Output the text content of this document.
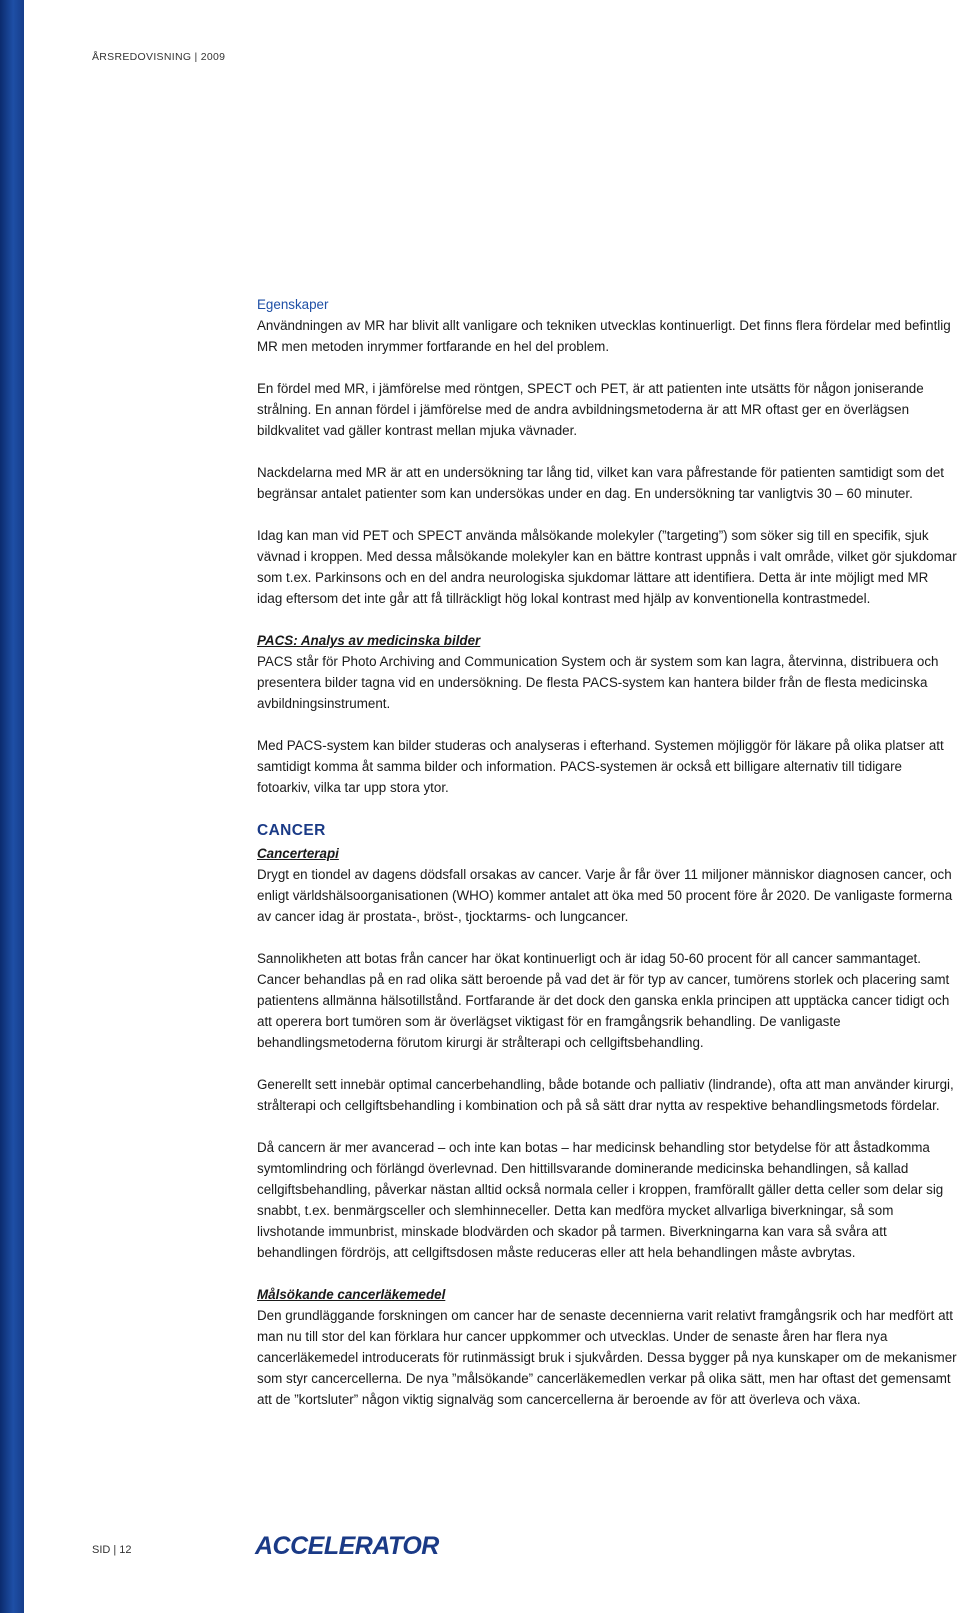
ÅRSREDOVISNING | 2009

Egenskaper

Användningen av MR har blivit allt vanligare och tekniken utvecklas kontinuerligt. Det finns flera fördelar med befintlig MR men metoden inrymmer fortfarande en hel del problem.

En fördel med MR, i jämförelse med röntgen, SPECT och PET, är att patienten inte utsätts för någon joniserande strålning. En annan fördel i jämförelse med de andra avbildningsmetoderna är att MR oftast ger en överlägsen bildkvalitet vad gäller kontrast mellan mjuka vävnader.

Nackdelarna med MR är att en undersökning tar lång tid, vilket kan vara påfrestande för patienten samtidigt som det begränsar antalet patienter som kan undersökas under en dag. En undersökning tar vanligtvis 30 – 60 minuter.

Idag kan man vid PET och SPECT använda målsökande molekyler (”targeting”) som söker sig till en specifik, sjuk vävnad i kroppen. Med dessa målsökande molekyler kan en bättre kontrast uppnås i valt område, vilket gör sjukdomar som t.ex. Parkinsons och en del andra neurologiska sjukdomar lättare att identifiera. Detta är inte möjligt med MR idag eftersom det inte går att få tillräckligt hög lokal kontrast med hjälp av konventionella kontrastmedel.

PACS: Analys av medicinska bilder

PACS står för Photo Archiving and Communication System och är system som kan lagra, återvinna, distribuera och presentera bilder tagna vid en undersökning. De flesta PACS-system kan hantera bilder från de flesta medicinska avbildningsinstrument.

Med PACS-system kan bilder studeras och analyseras i efterhand. Systemen möjliggör för läkare på olika platser att samtidigt komma åt samma bilder och information. PACS-systemen är också ett billigare alternativ till tidigare fotoarkiv, vilka tar upp stora ytor.

CANCER

Cancerterapi

Drygt en tiondel av dagens dödsfall orsakas av cancer. Varje år får över 11 miljoner människor diagnosen cancer, och enligt världshälsoorganisationen (WHO) kommer antalet att öka med 50 procent före år 2020. De vanligaste formerna av cancer idag är prostata-, bröst-, tjocktarms- och lungcancer.

Sannolikheten att botas från cancer har ökat kontinuerligt och är idag 50-60 procent för all cancer sammantaget. Cancer behandlas på en rad olika sätt beroende på vad det är för typ av cancer, tumörens storlek och placering samt patientens allmänna hälsotillstånd. Fortfarande är det dock den ganska enkla principen att upptäcka cancer tidigt och att operera bort tumören som är överlägset viktigast för en framgångsrik behandling. De vanligaste behandlingsmetoderna förutom kirurgi är strålterapi och cellgiftsbehandling.

Generellt sett innebär optimal cancerbehandling, både botande och palliativ (lindrande), ofta att man använder kirurgi, strålterapi och cellgiftsbehandling i kombination och på så sätt drar nytta av respektive behandlingsmetods fördelar.

Då cancern är mer avancerad – och inte kan botas – har medicinsk behandling stor betydelse för att åstadkomma symtomlindring och förlängd överlevnad. Den hittillsvarande dominerande medicinska behandlingen, så kallad cellgiftsbehandling, påverkar nästan alltid också normala celler i kroppen, framförallt gäller detta celler som delar sig snabbt, t.ex. benmärgsceller och slemhinneceller. Detta kan medföra mycket allvarliga biverkningar, så som livshotande immunbrist, minskade blodvärden och skador på tarmen. Biverkningarna kan vara så svåra att behandlingen fördröjs, att cellgiftsdosen måste reduceras eller att hela behandlingen måste avbrytas.

Målsökande cancerläkemedel

Den grundläggande forskningen om cancer har de senaste decennierna varit relativt framgångsrik och har medfört att man nu till stor del kan förklara hur cancer uppkommer och utvecklas. Under de senaste åren har flera nya cancerläkemedel introducerats för rutinmässigt bruk i sjukvården. Dessa bygger på nya kunskaper om de mekanismer som styr cancercellerna. De nya ”målsökande” cancerläkemedlen verkar på olika sätt, men har oftast det gemensamt att de ”kortsluter” någon viktig signalväg som cancercellerna är beroende av för att överleva och växa.

SID | 12	ACCELERATOR
